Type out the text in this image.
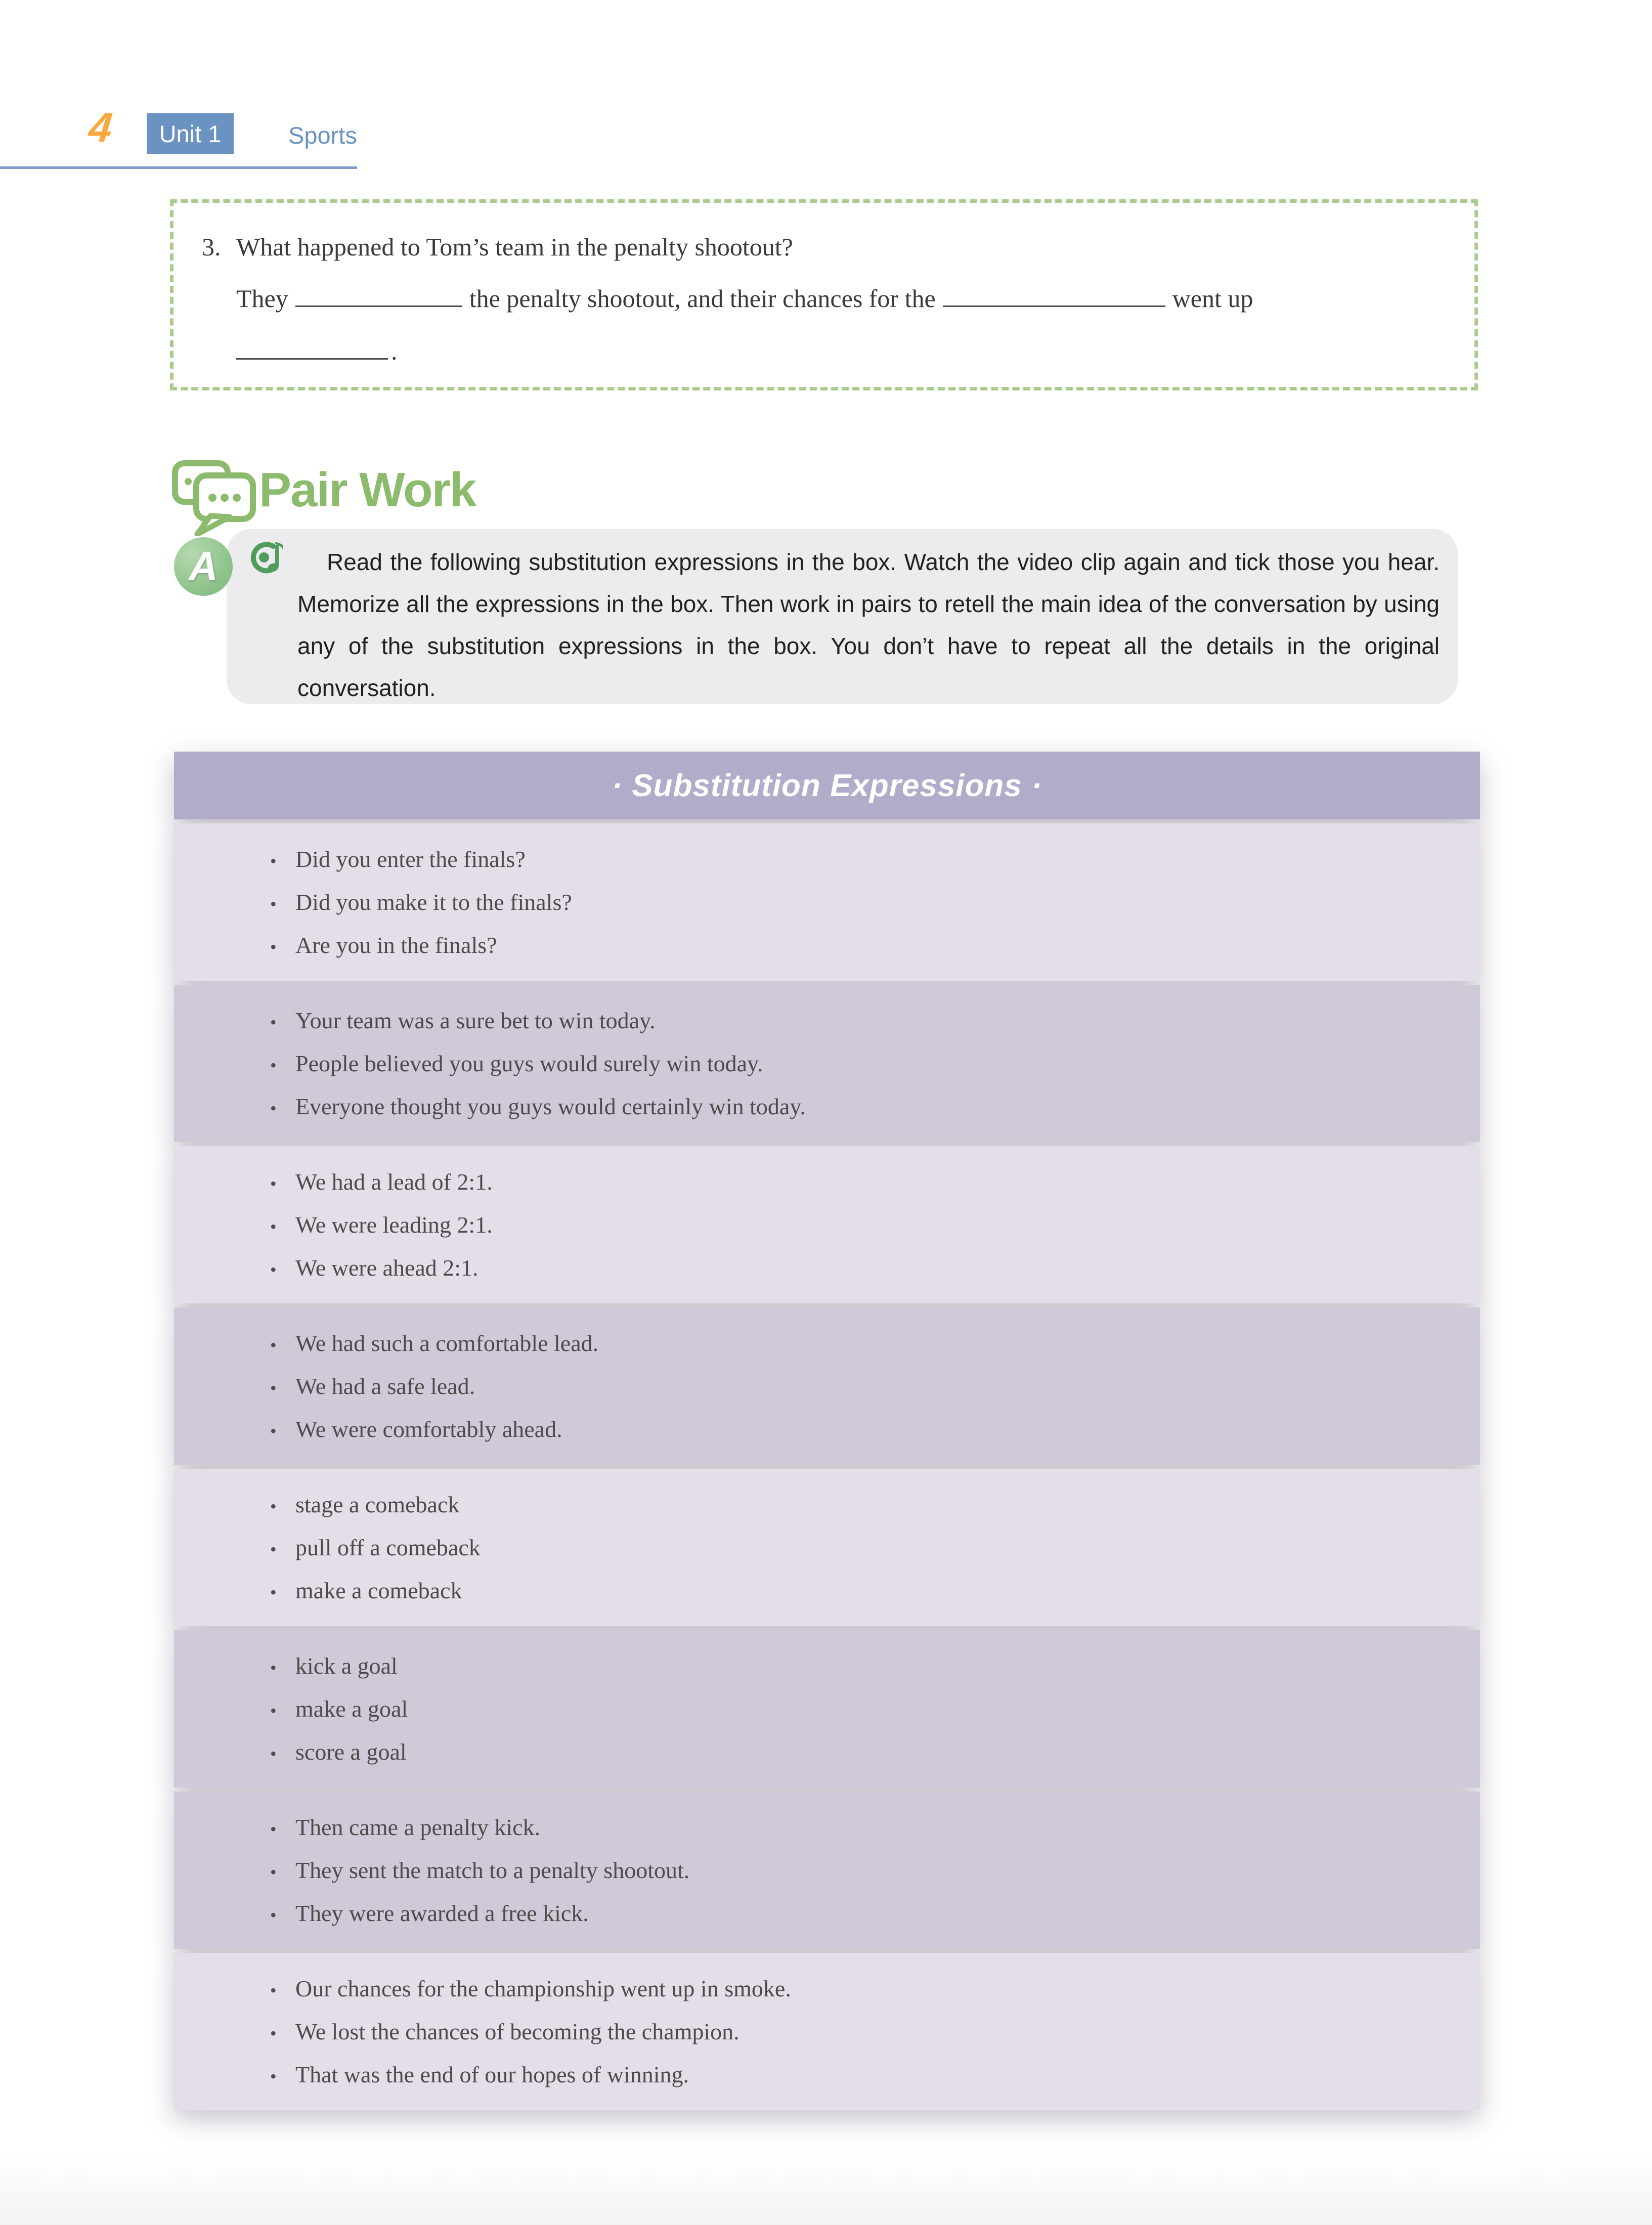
4 Unit 1	Sports
3. What happened to Tom’s team in the penalty shootout?
They	the penalty shootout, and their chances for the	went up
.
Pair Work
A	Read the following substitution expressions in the box. Watch the video clip again and tick those you hear. Memorize all the expressions in the box. Then work in pairs to retell the main idea of the conversation by using any of the substitution expressions in the box. You don’t have to repeat all the details in the original conversation.

· Substitution Expressions ·
• Did you enter the finals?
• Did you make it to the finals?
• Are you in the finals?
• Your team was a sure bet to win today.
• People believed you guys would surely win today.
• Everyone thought you guys would certainly win today.
• We had a lead of 2:1.
• We were leading 2:1.
• We were ahead 2:1.
• We had such a comfortable lead.
• We had a safe lead.
• We were comfortably ahead.
• stage a comeback
• pull off a comeback
• make a comeback
• kick a goal
• make a goal
• score a goal
• Then came a penalty kick.
• They sent the match to a penalty shootout.
• They were awarded a free kick.
• Our chances for the championship went up in smoke.
• We lost the chances of becoming the champion.
• That was the end of our hopes of winning.
